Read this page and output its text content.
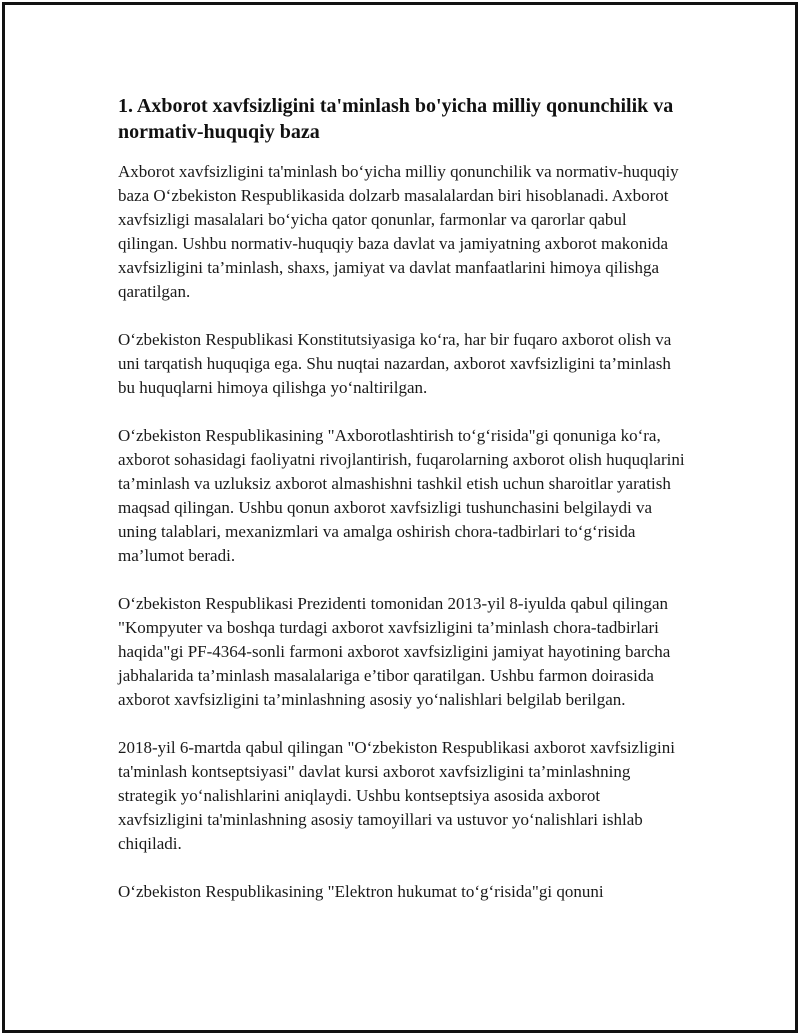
1. Axborot xavfsizligini ta'minlash bo'yicha milliy qonunchilik va normativ-huquqiy baza

Axborot xavfsizligini ta'minlash bo‘yicha milliy qonunchilik va normativ-huquqiy baza O‘zbekiston Respublikasida dolzarb masalalardan biri hisoblanadi. Axborot xavfsizligi masalalari bo‘yicha qator qonunlar, farmonlar va qarorlar qabul qilingan. Ushbu normativ-huquqiy baza davlat va jamiyatning axborot makonida xavfsizligini ta’minlash, shaxs, jamiyat va davlat manfaatlarini himoya qilishga qaratilgan.

O‘zbekiston Respublikasi Konstitutsiyasiga ko‘ra, har bir fuqaro axborot olish va uni tarqatish huquqiga ega. Shu nuqtai nazardan, axborot xavfsizligini ta’minlash bu huquqlarni himoya qilishga yo‘naltirilgan.

O‘zbekiston Respublikasining "Axborotlashtirish to‘g‘risida"gi qonuniga ko‘ra, axborot sohasidagi faoliyatni rivojlantirish, fuqarolarning axborot olish huquqlarini ta’minlash va uzluksiz axborot almashishni tashkil etish uchun sharoitlar yaratish maqsad qilingan. Ushbu qonun axborot xavfsizligi tushunchasini belgilaydi va uning talablari, mexanizmlari va amalga oshirish chora-tadbirlari to‘g‘risida ma’lumot beradi.

O‘zbekiston Respublikasi Prezidenti tomonidan 2013-yil 8-iyulda qabul qilingan "Kompyuter va boshqa turdagi axborot xavfsizligini ta’minlash chora-tadbirlari haqida"gi PF-4364-sonli farmoni axborot xavfsizligini jamiyat hayotining barcha jabhalarida ta’minlash masalalariga e’tibor qaratilgan. Ushbu farmon doirasida axborot xavfsizligini ta’minlashning asosiy yo‘nalishlari belgilab berilgan.

2018-yil 6-martda qabul qilingan "O‘zbekiston Respublikasi axborot xavfsizligini ta'minlash kontseptsiyasi" davlat kursi axborot xavfsizligini ta’minlashning strategik yo‘nalishlarini aniqlaydi. Ushbu kontseptsiya asosida axborot xavfsizligini ta'minlashning asosiy tamoyillari va ustuvor yo‘nalishlari ishlab chiqiladi.

O‘zbekiston Respublikasining "Elektron hukumat to‘g‘risida"gi qonuni
